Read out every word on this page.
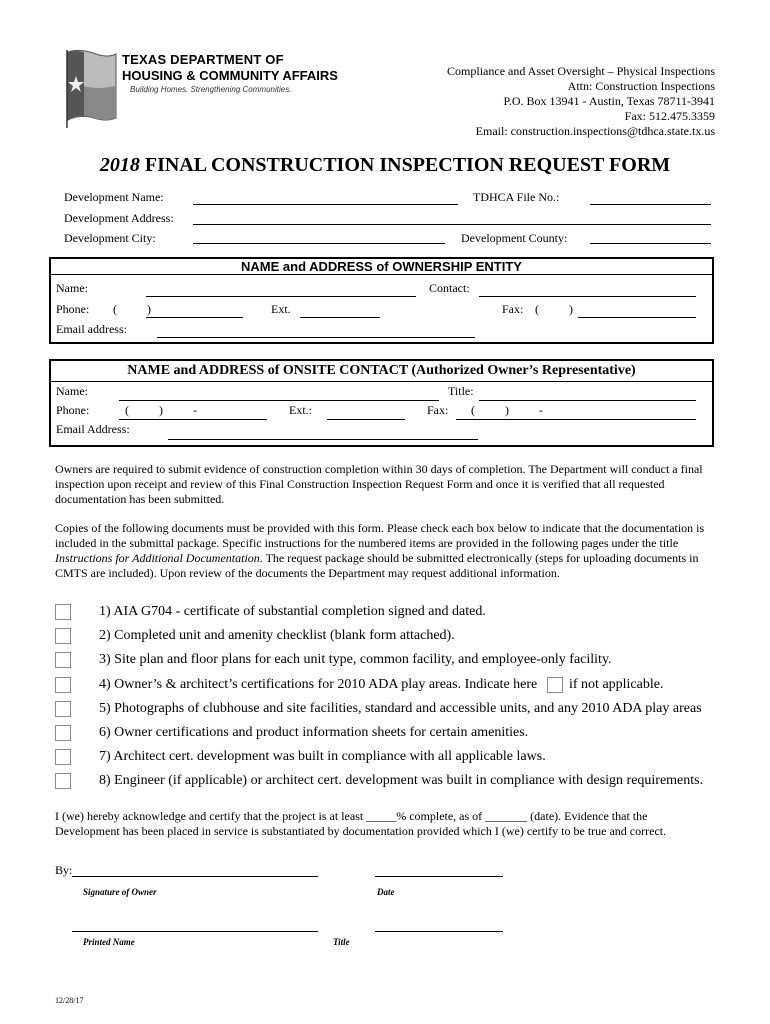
TEXAS DEPARTMENT OF
HOUSING & COMMUNITY AFFAIRS
Building Homes. Strengthening Communities.
Compliance and Asset Oversight – Physical Inspections
Attn: Construction Inspections
P.O. Box 13941 - Austin, Texas 78711-3941
Fax: 512.475.3359
Email: construction.inspections@tdhca.state.tx.us
2018 FINAL CONSTRUCTION INSPECTION REQUEST FORM
Development Name:	TDHCA File No.:
Development Address:
Development City:	Development County:
NAME and ADDRESS of OWNERSHIP ENTITY
Name:	Contact:
Phone: (          )	Ext.	Fax: (          )
Email address:
NAME and ADDRESS of ONSITE CONTACT (Authorized Owner’s Representative)
Name:	Title:
Phone:	(          )          -	Ext.:	Fax: (          )          -
Email Address:
Owners are required to submit evidence of construction completion within 30 days of completion. The Department will conduct a final inspection upon receipt and review of this Final Construction Inspection Request Form and once it is verified that all requested documentation has been submitted.
Copies of the following documents must be provided with this form. Please check each box below to indicate that the documentation is included in the submittal package. Specific instructions for the numbered items are provided in the following pages under the title Instructions for Additional Documentation. The request package should be submitted electronically (steps for uploading documents in CMTS are included). Upon review of the documents the Department may request additional information.
1) AIA G704 - certificate of substantial completion signed and dated.
2) Completed unit and amenity checklist (blank form attached).
3) Site plan and floor plans for each unit type, common facility, and employee-only facility.
4) Owner’s & architect’s certifications for 2010 ADA play areas. Indicate here if not applicable.
5) Photographs of clubhouse and site facilities, standard and accessible units, and any 2010 ADA play areas
6) Owner certifications and product information sheets for certain amenities.
7) Architect cert. development was built in compliance with all applicable laws.
8) Engineer (if applicable) or architect cert. development was built in compliance with design requirements.
I (we) hereby acknowledge and certify that the project is at least _____% complete, as of _______ (date). Evidence that the Development has been placed in service is substantiated by documentation provided which I (we) certify to be true and correct.
By:
Signature of Owner	Date
Printed Name	Title
12/28/17
